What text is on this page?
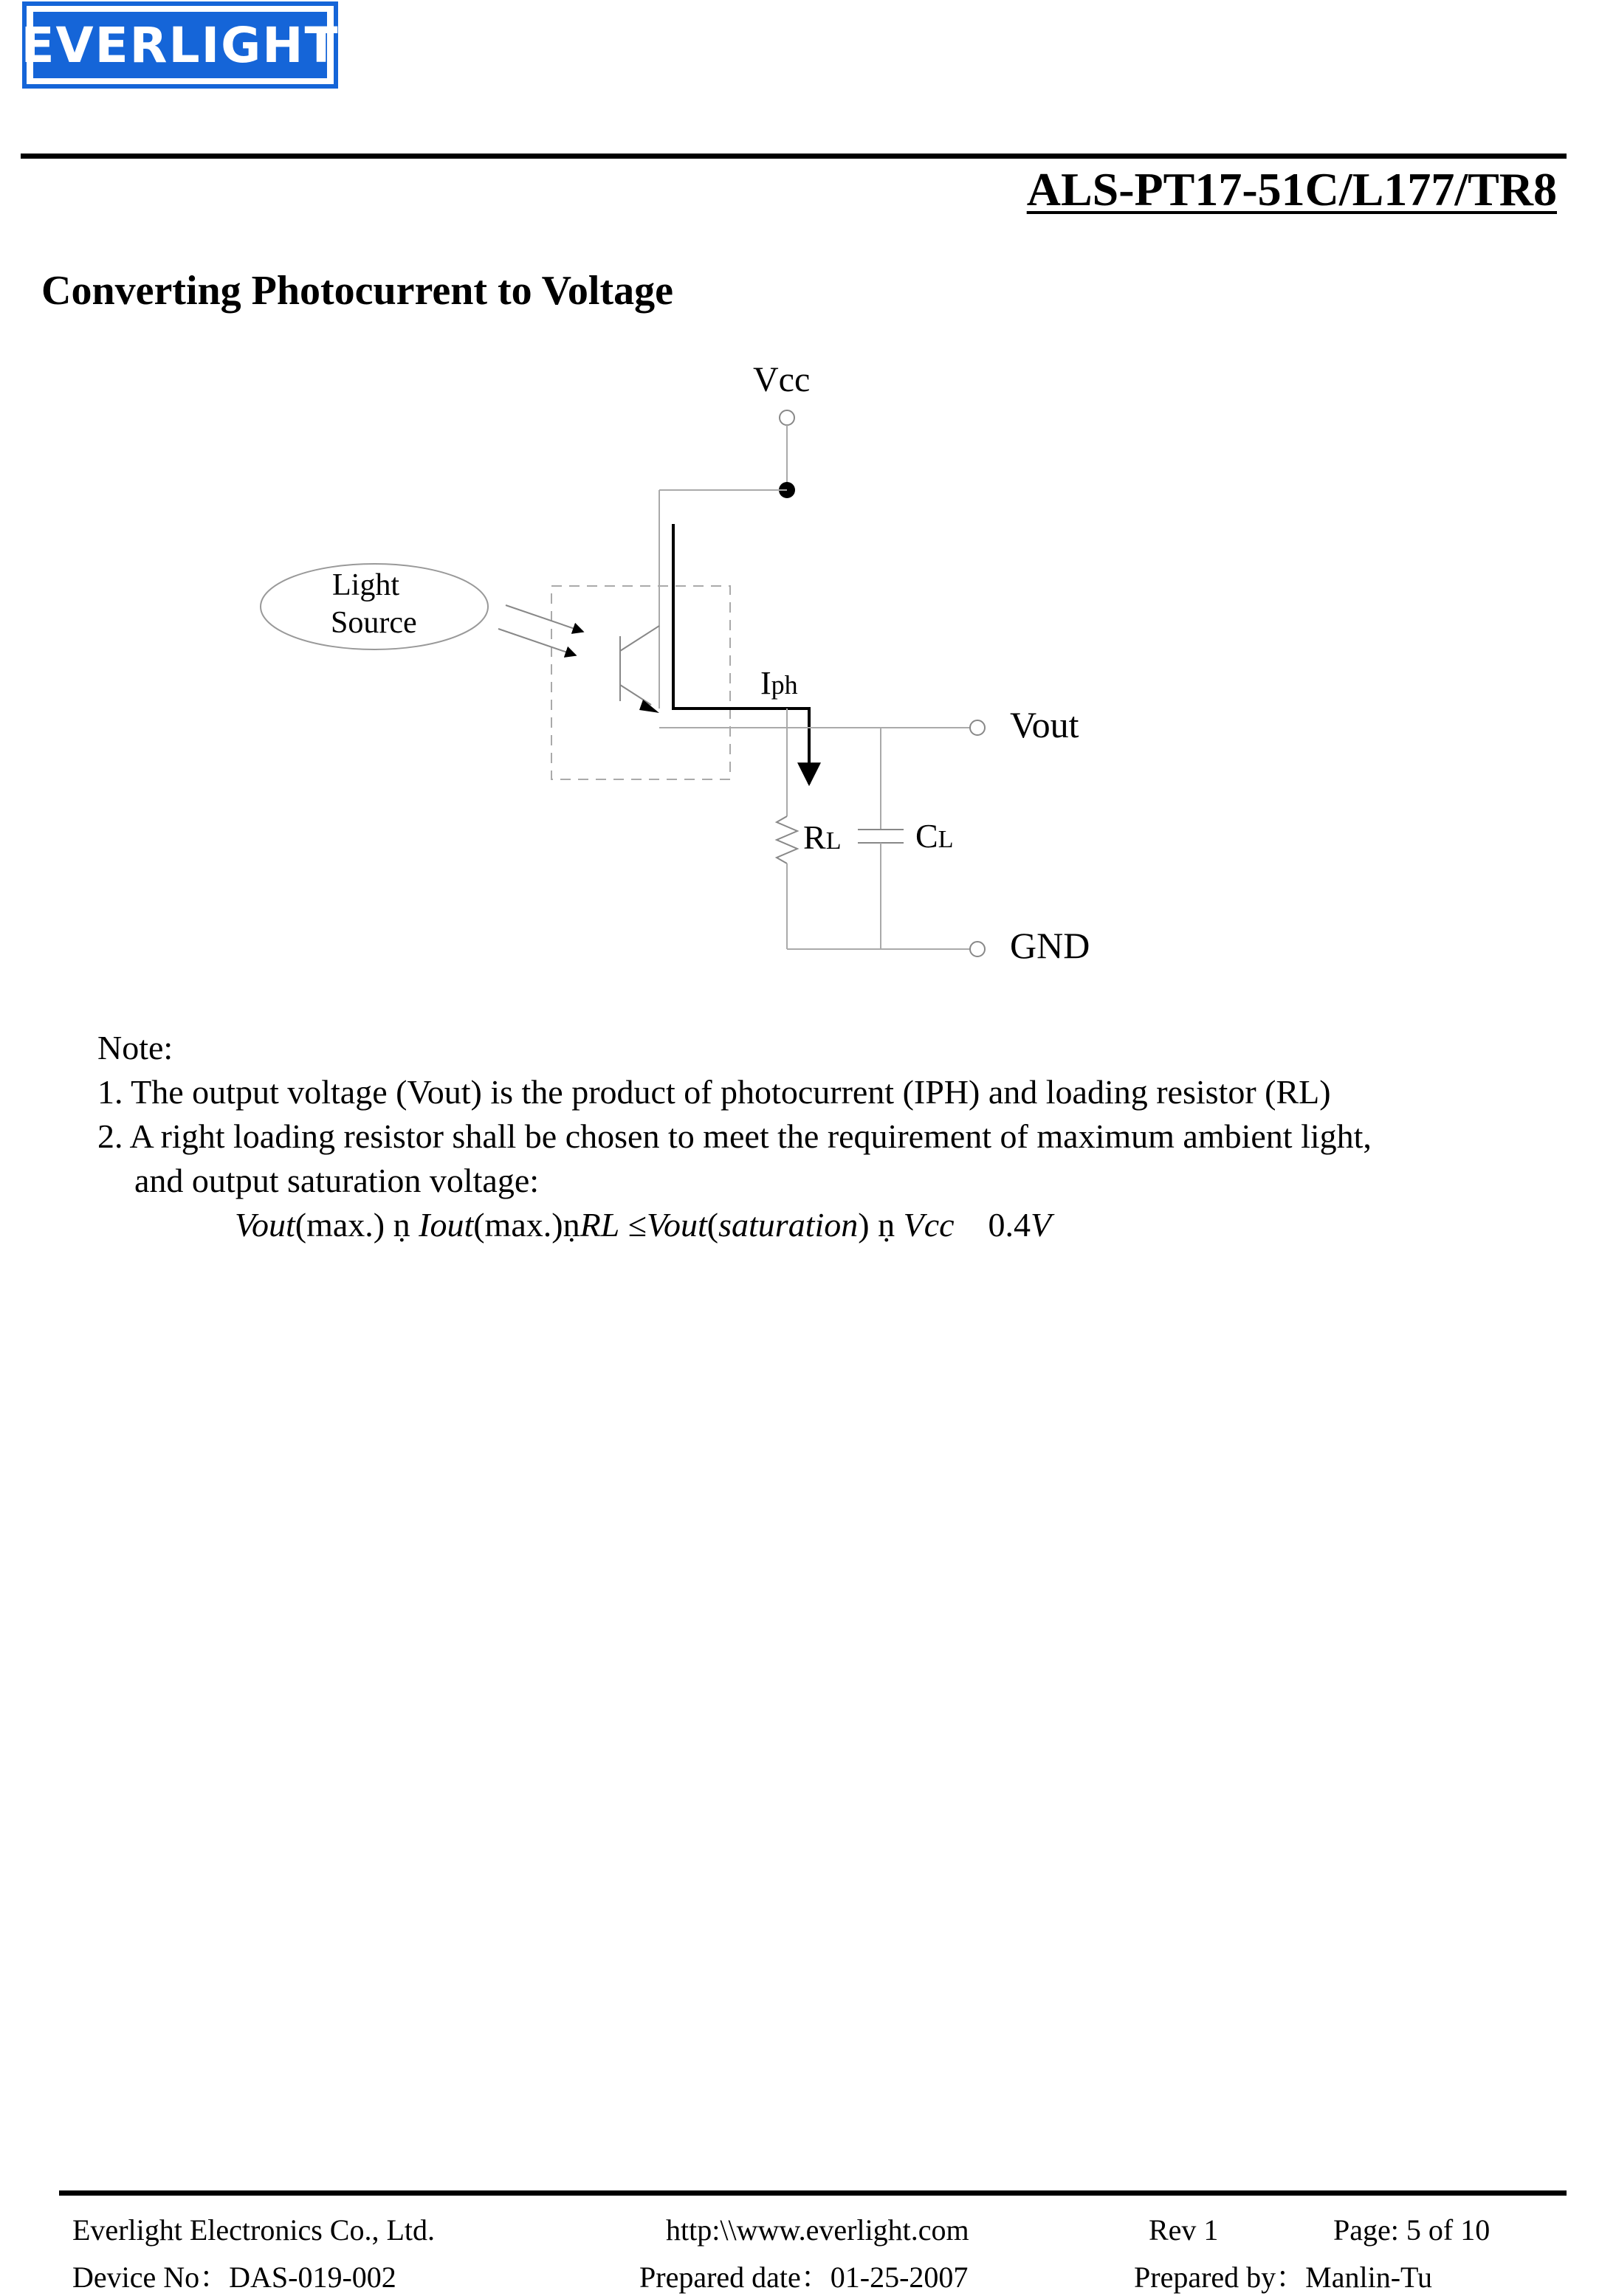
EVERLIGHT
ALS-PT17-51C/L177/TR8
Converting Photocurrent to Voltage
Vcc
Light
Source
Iph
Vout
RL CL
GND
Note:
1. The output voltage (Vout) is the product of photocurrent (IPH) and loading resistor (RL)
2. A right loading resistor shall be chosen to meet the requirement of maximum ambient light,
and output saturation voltage:
Vout(max.) ṇ Iout(max.)ṇRL ≤Vout(saturation) ṇ Vcc    0.4V
Everlight Electronics Co., Ltd.	http:\\www.everlight.com	Rev 1	Page: 5 of 10
Device No：DAS-019-002	Prepared date：01-25-2007	Prepared by：Manlin-Tu
